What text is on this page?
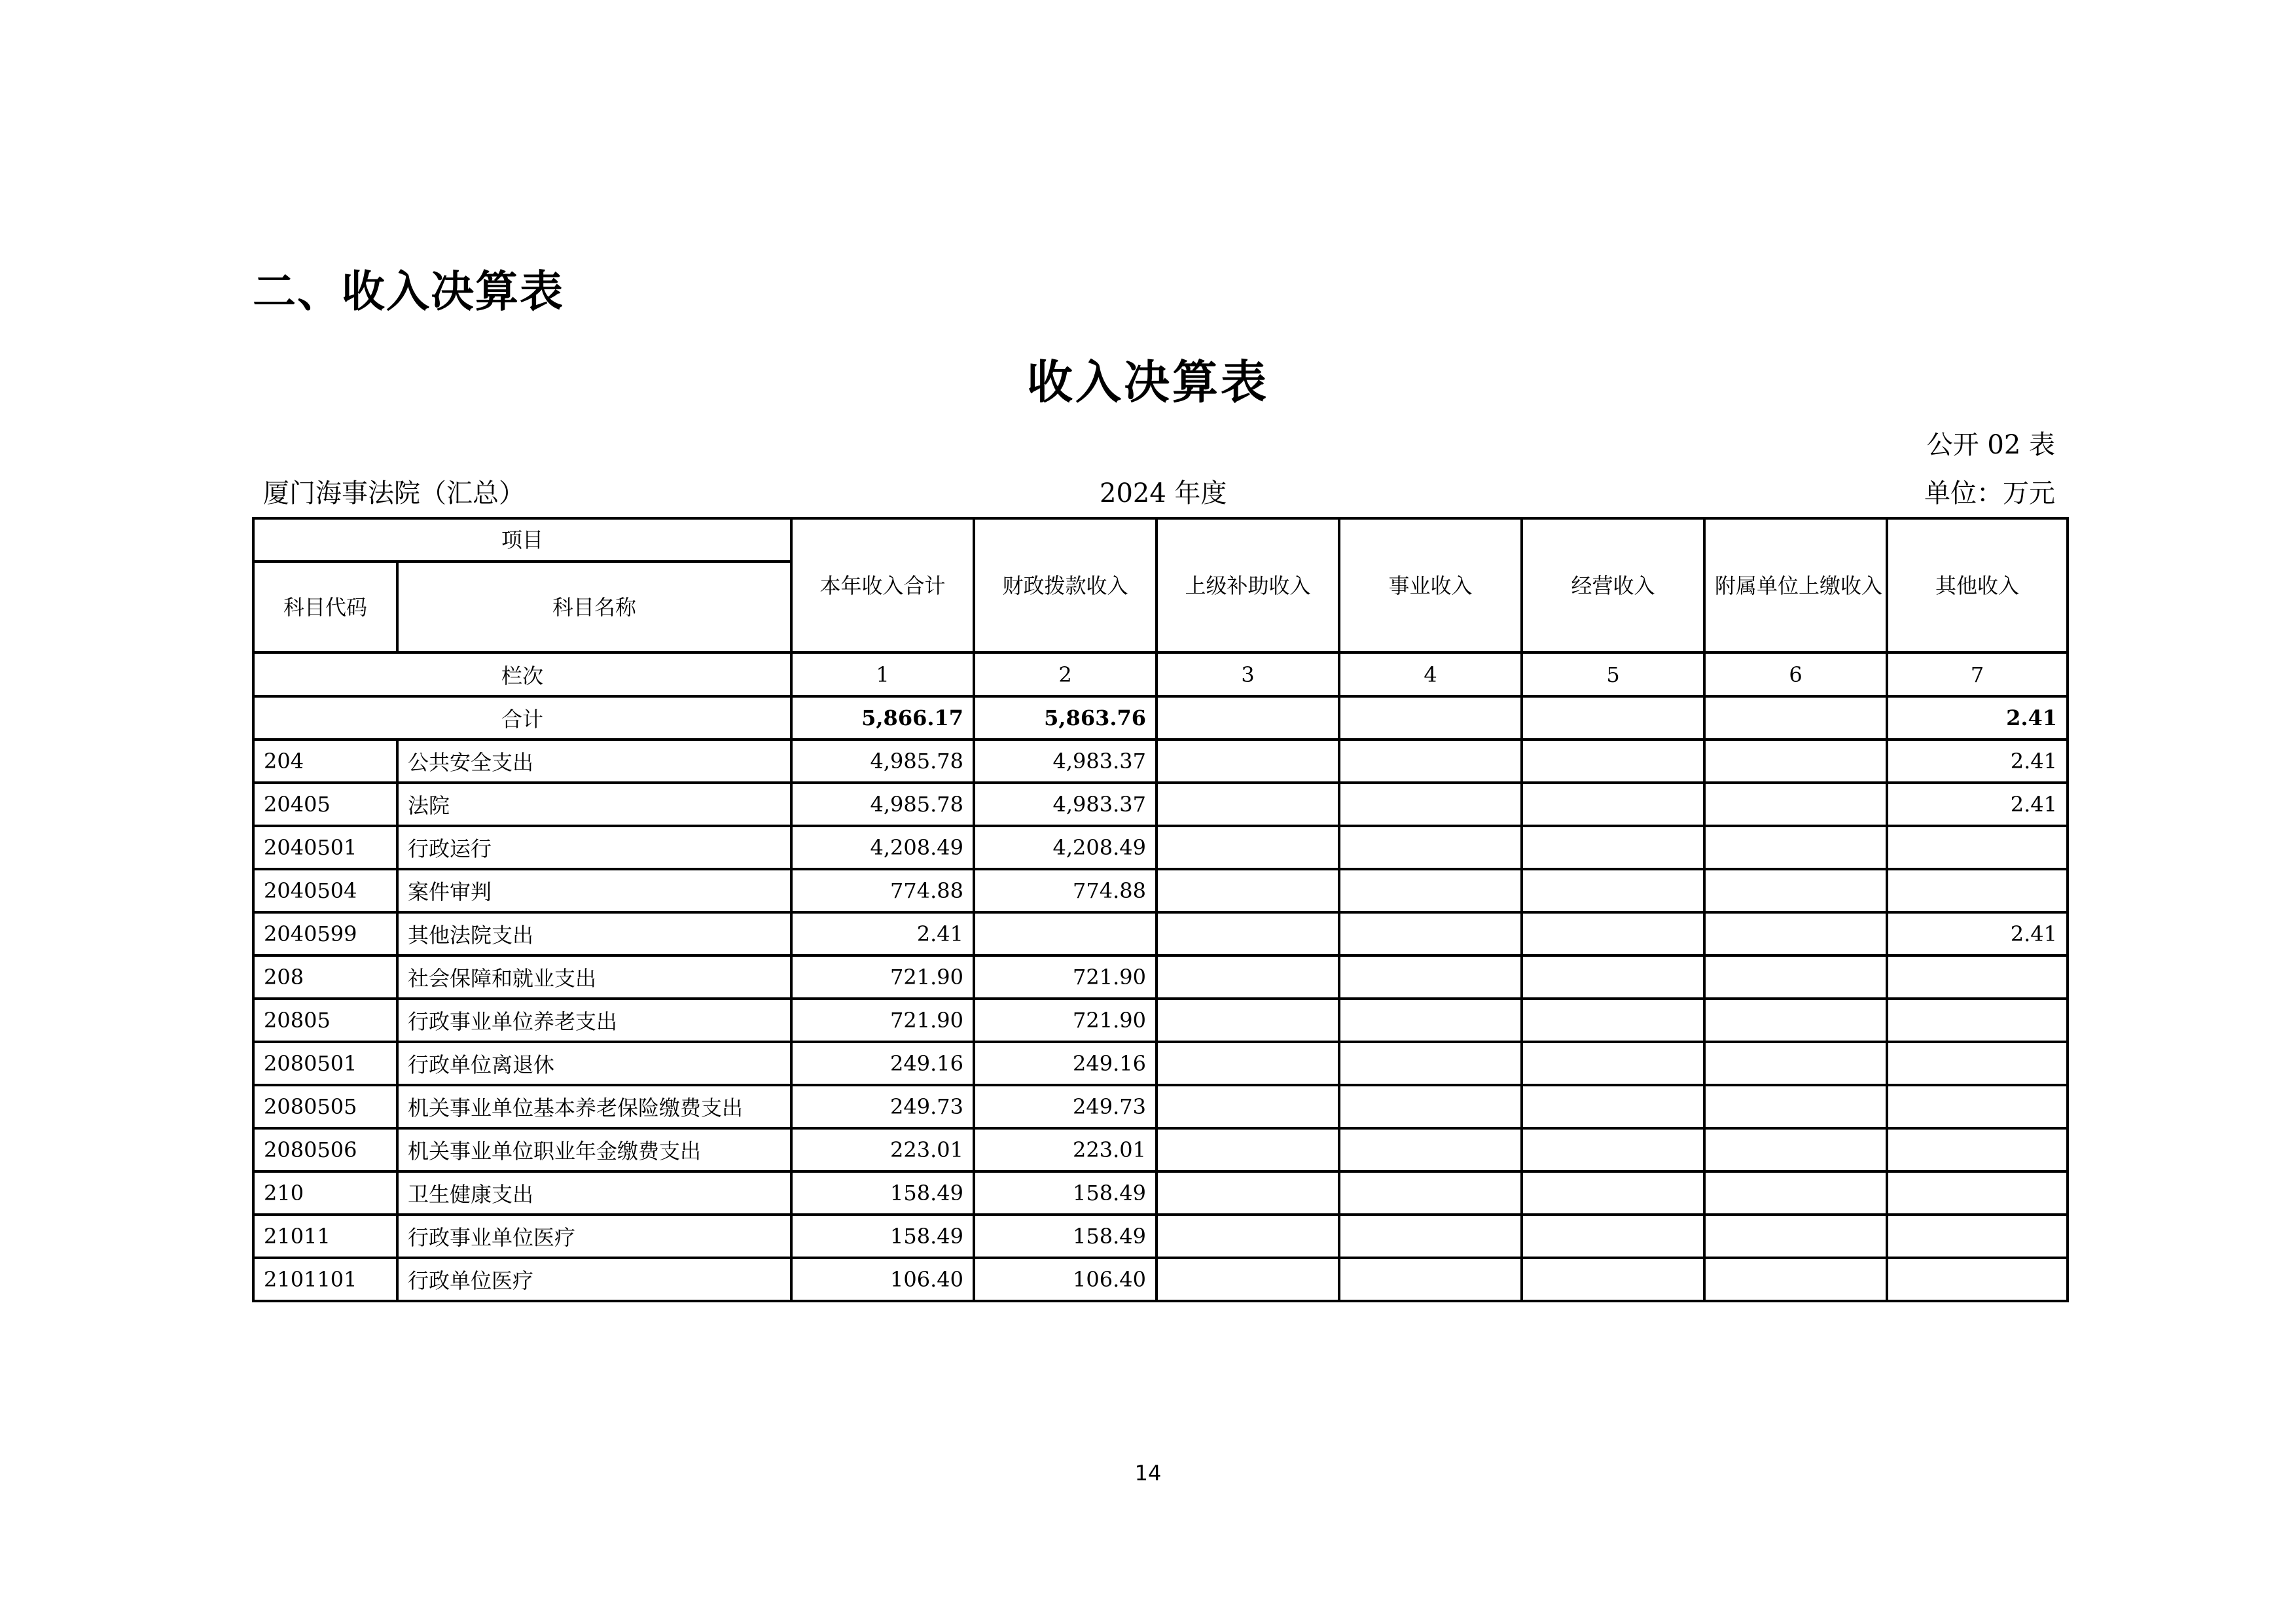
二、收入决算表
收入决算表
公开 02 表
厦门海事法院（汇总）	2024 年度	单位：万元
项目		本年收入合计	财政拨款收入	上级补助收入	事业收入	经营收入	附属单位上缴收入	其他收入
科目代码	科目名称							
栏次		1	2	3	4	5	6	7
合计		5,866.17	5,863.76					2.41
204	公共安全支出	4,985.78	4,983.37					2.41
20405	法院	4,985.78	4,983.37					2.41
2040501	行政运行	4,208.49	4,208.49					
2040504	案件审判	774.88	774.88					
2040599	其他法院支出	2.41						2.41
208	社会保障和就业支出	721.90	721.90					
20805	行政事业单位养老支出	721.90	721.90					
2080501	行政单位离退休	249.16	249.16					
2080505	机关事业单位基本养老保险缴费支出	249.73	249.73					
2080506	机关事业单位职业年金缴费支出	223.01	223.01					
210	卫生健康支出	158.49	158.49					
21011	行政事业单位医疗	158.49	158.49					
2101101	行政单位医疗	106.40	106.40					
14
